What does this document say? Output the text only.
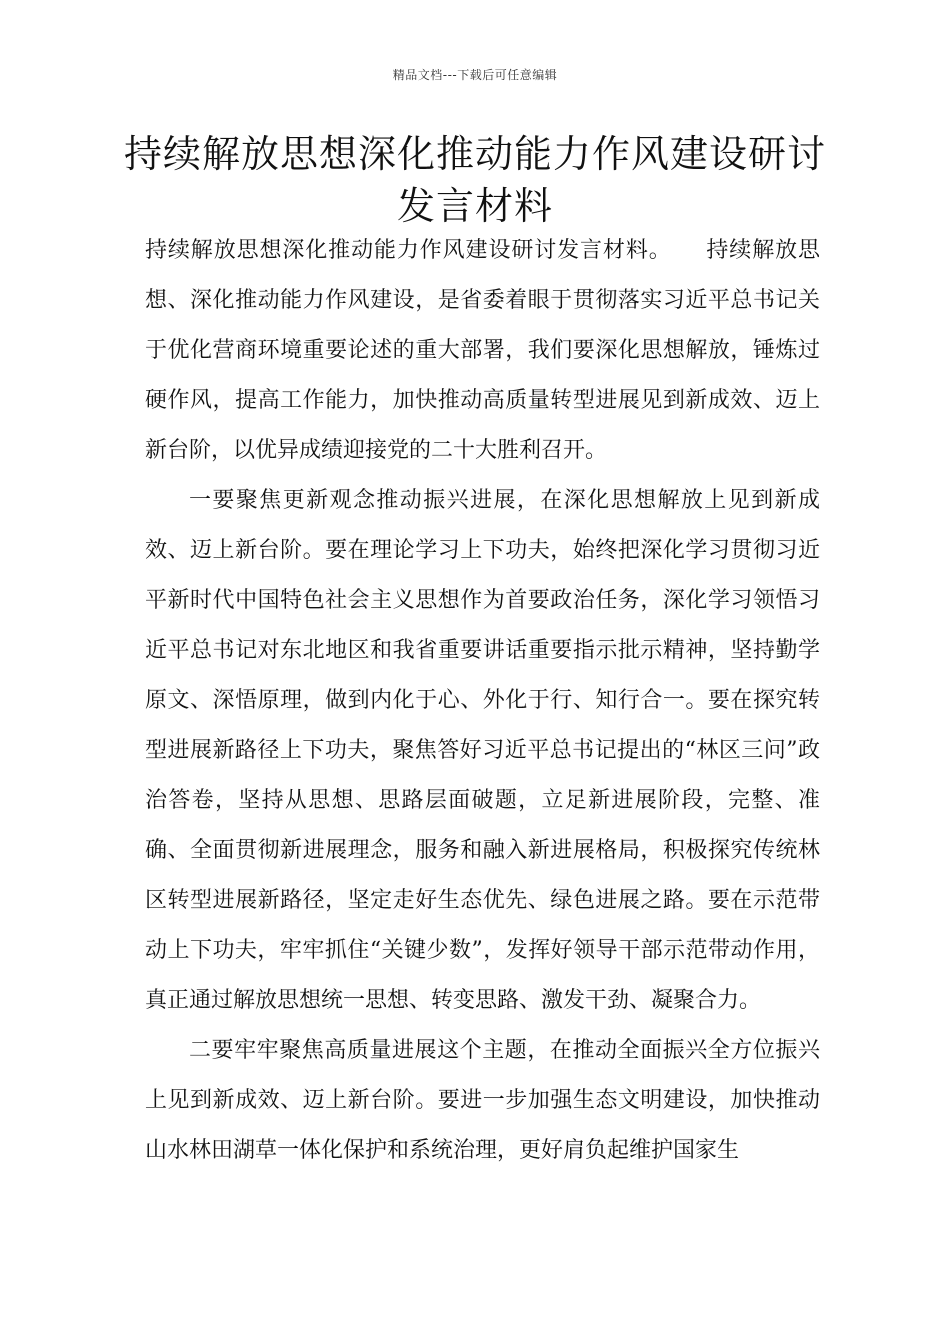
精品文档---下载后可任意编辑
持续解放思想深化推动能力作风建设研讨发言材料

持续解放思想深化推动能力作风建设研讨发言材料。　　持续解放思想、深化推动能力作风建设，是省委着眼于贯彻落实习近平总书记关于优化营商环境重要论述的重大部署，我们要深化思想解放，锤炼过硬作风，提高工作能力，加快推动高质量转型进展见到新成效、迈上新台阶，以优异成绩迎接党的二十大胜利召开。

一要聚焦更新观念推动振兴进展，在深化思想解放上见到新成效、迈上新台阶。要在理论学习上下功夫，始终把深化学习贯彻习近平新时代中国特色社会主义思想作为首要政治任务，深化学习领悟习近平总书记对东北地区和我省重要讲话重要指示批示精神，坚持勤学原文、深悟原理，做到内化于心、外化于行、知行合一。要在探究转型进展新路径上下功夫，聚焦答好习近平总书记提出的“林区三问”政治答卷，坚持从思想、思路层面破题，立足新进展阶段，完整、准确、全面贯彻新进展理念，服务和融入新进展格局，积极探究传统林区转型进展新路径，坚定走好生态优先、绿色进展之路。要在示范带动上下功夫，牢牢抓住“关键少数”，发挥好领导干部示范带动作用，真正通过解放思想统一思想、转变思路、激发干劲、凝聚合力。

二要牢牢聚焦高质量进展这个主题，在推动全面振兴全方位振兴上见到新成效、迈上新台阶。要进一步加强生态文明建设，加快推动山水林田湖草一体化保护和系统治理，更好肩负起维护国家生
